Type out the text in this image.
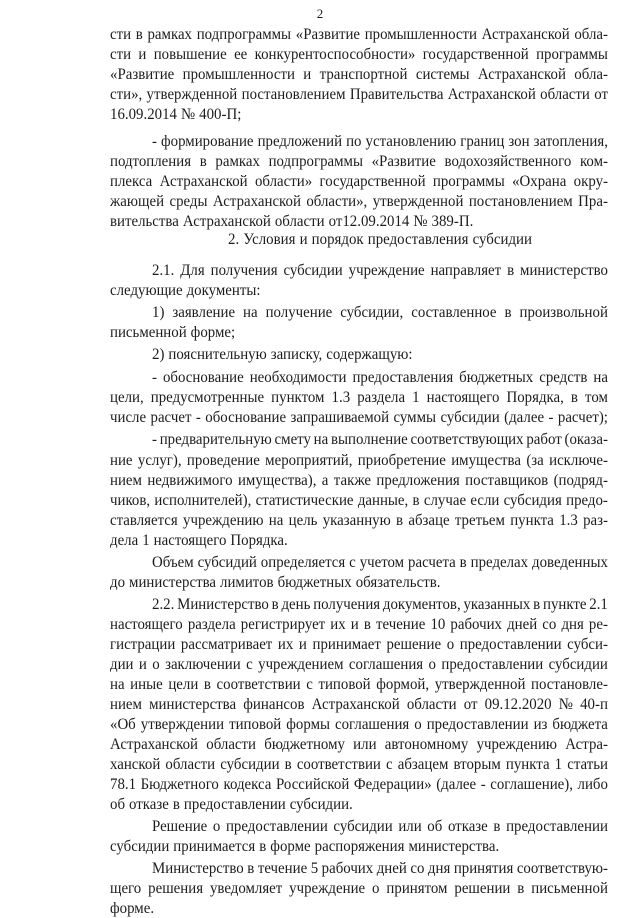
2
сти в рамках подпрограммы «Развитие промышленности Астраханской обла-
сти и повышение ее конкурентоспособности» государственной программы
«Развитие промышленности и транспортной системы Астраханской обла-
сти», утвержденной постановлением Правительства Астраханской области от
16.09.2014 № 400-П;
- формирование предложений по установлению границ зон затопления,
подтопления в рамках подпрограммы «Развитие водохозяйственного ком-
плекса Астраханской области» государственной программы «Охрана окру-
жающей среды Астраханской области», утвержденной постановлением Пра-
вительства Астраханской области от12.09.2014 № 389-П.
2. Условия и порядок предоставления субсидии
2.1. Для получения субсидии учреждение направляет в министерство
следующие документы:
1) заявление на получение субсидии, составленное в произвольной
письменной форме;
2) пояснительную записку, содержащую:
- обоснование необходимости предоставления бюджетных средств на
цели, предусмотренные пунктом 1.3 раздела 1 настоящего Порядка, в том
числе расчет - обоснование запрашиваемой суммы субсидии (далее - расчет);
- предварительную смету на выполнение соответствующих работ (оказа-
ние услуг), проведение мероприятий, приобретение имущества (за исключе-
нием недвижимого имущества), а также предложения поставщиков (подряд-
чиков, исполнителей), статистические данные, в случае если субсидия предо-
ставляется учреждению на цель указанную в абзаце третьем пункта 1.3 раз-
дела 1 настоящего Порядка.
Объем субсидий определяется с учетом расчета в пределах доведенных
до министерства лимитов бюджетных обязательств.
2.2. Министерство в день получения документов, указанных в пункте 2.1
настоящего раздела регистрирует их и в течение 10 рабочих дней со дня ре-
гистрации рассматривает их и принимает решение о предоставлении субси-
дии и о заключении с учреждением соглашения о предоставлении субсидии
на иные цели в соответствии с типовой формой, утвержденной постановле-
нием министерства финансов Астраханской области от 09.12.2020 № 40-п
«Об утверждении типовой формы соглашения о предоставлении из бюджета
Астраханской области бюджетному или автономному учреждению Астра-
ханской области субсидии в соответствии с абзацем вторым пункта 1 статьи
78.1 Бюджетного кодекса Российской Федерации» (далее - соглашение), либо
об отказе в предоставлении субсидии.
Решение о предоставлении субсидии или об отказе в предоставлении
субсидии принимается в форме распоряжения министерства.
Министерство в течение 5 рабочих дней со дня принятия соответствую-
щего решения уведомляет учреждение о принятом решении в письменной
форме.
